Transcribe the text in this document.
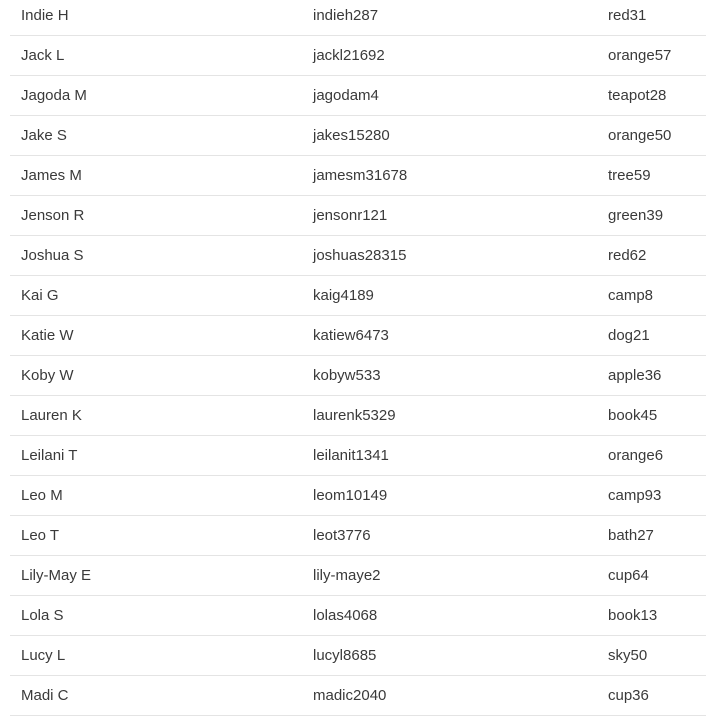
Indie H	indieh287	red31
Jack L	jackl21692	orange57
Jagoda M	jagodam4	teapot28
Jake S	jakes15280	orange50
James M	jamesm31678	tree59
Jenson R	jensonr121	green39
Joshua S	joshuas28315	red62
Kai G	kaig4189	camp8
Katie W	katiew6473	dog21
Koby W	kobyw533	apple36
Lauren K	laurenk5329	book45
Leilani T	leilanit1341	orange6
Leo M	leom10149	camp93
Leo T	leot3776	bath27
Lily-May E	lily-maye2	cup64
Lola S	lolas4068	book13
Lucy L	lucyl8685	sky50
Madi C	madic2040	cup36
